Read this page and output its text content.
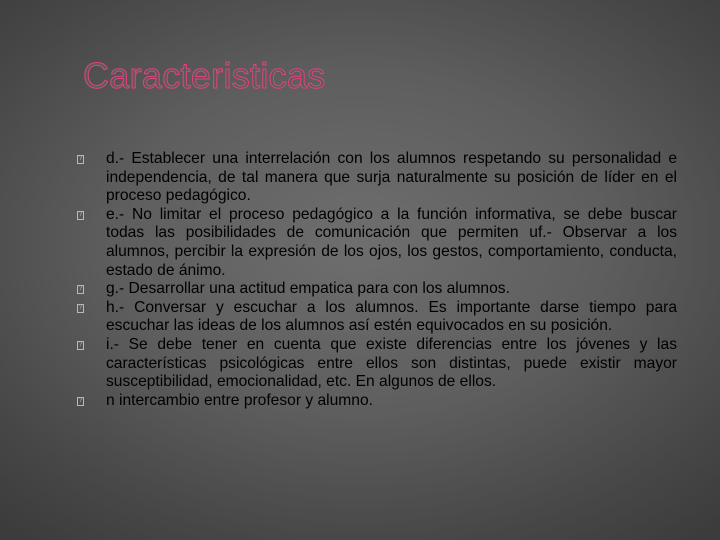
Caracteristicas
?
d.- Establecer una interrelación con los alumnos respetando su personalidad e independencia, de tal manera que surja naturalmente su posición de líder en el proceso pedagógico.
?
e.- No limitar el proceso pedagógico a la función informativa, se debe buscar todas las posibilidades de comunicación que permiten uf.- Observar a los alumnos, percibir la expresión de los ojos, los gestos, comportamiento, conducta, estado de ánimo.
?
g.- Desarrollar una actitud empatica para con los alumnos.
?
h.- Conversar y escuchar a los alumnos. Es importante darse tiempo para escuchar las ideas de los alumnos así estén equivocados en su posición.
?
i.- Se debe tener en cuenta que existe diferencias entre los jóvenes y las características psicológicas entre ellos son distintas, puede existir mayor susceptibilidad, emocionalidad, etc. En algunos de ellos.
?
n intercambio entre profesor y alumno.
